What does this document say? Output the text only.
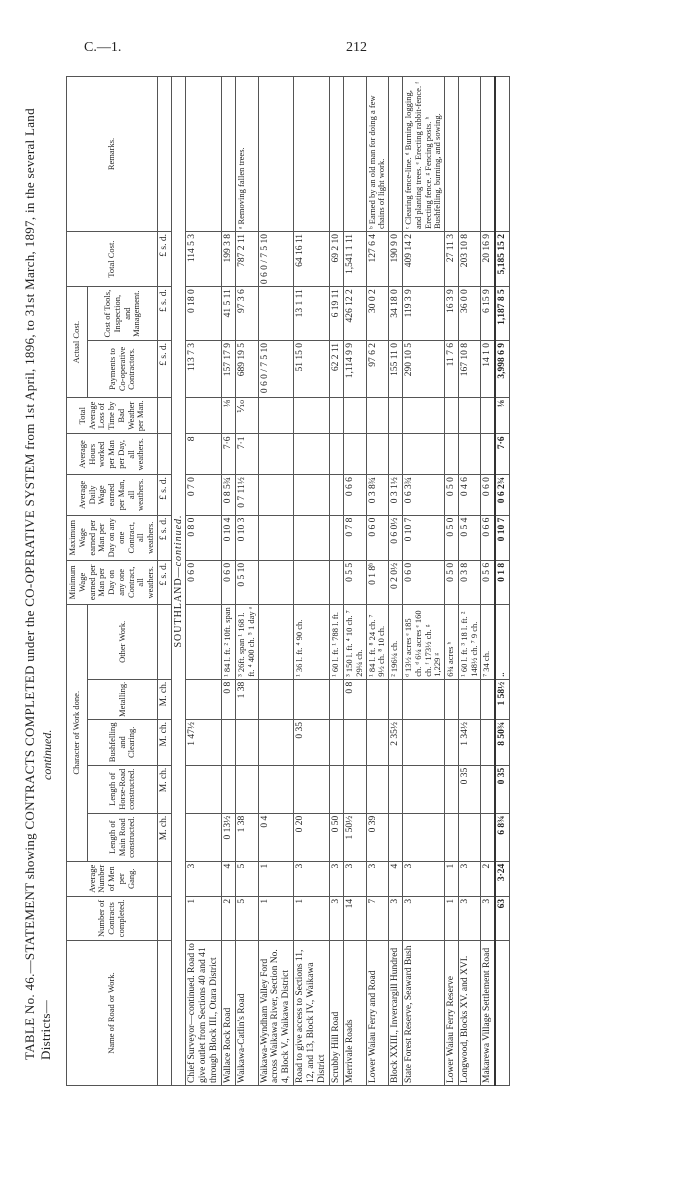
C.—1.	212
TABLE No. 46.—STATEMENT showing CONTRACTS COMPLETED under the CO-OPERATIVE SYSTEM from 1st April, 1896, to 31st March, 1897, in the several Land Districts—
continued.
Name of Road or Work.	Number of Contracts completed.	Average Number of Men per Gang.	Character of Work done.					Minimum Wage earned per Man per Day on any one Contract, all weathers.	Maximum Wage earned per Man per Day on any one Contract, all weathers.	Average Daily Wage earned per Man, all weathers.	Average Hours worked per Man per Day, all weathers.	Total Average Loss of Time by Bad Weather per Man.	Actual Cost.		Total Cost.	Remarks.
			Length of Main Road constructed.	Length of Horse-Road constructed.	Bushfelling and Clearing.	Metalling.	Other Work.						Payments to Co-operative Contractors.	Cost of Tools, Inspection, and Management.		
			M. ch.	M. ch.	M. ch.	M. ch.		£ s. d.	£ s. d.	£ s. d.			£ s. d.	£ s. d.	£ s. d.	
SOUTHLAND—continued.																
Chief Surveyor—continued. Road to give outlet from Sections 40 and 41 through Block III., Otara District	1	3			1 47½			0 6 0	0 8 0	0 7 0	8		113 7 3	0 18 0	114 5 3	
Wallace Rock Road	2	4	0 13½			0 8	¹ 84 l. ft. ² 10ft. span	0 6 0	0 10 4	0 8 5¾	7·6	⅛	157 17 9	41 5 11	199 3 8	
Waikawa-Catlin's Road	5	5	1 38			1 38	³ 26ft. span ¹ 168 l. ft. ⁴ 400 ch. ⁵ 1 day ᵃ	0 5 10	0 10 3	0 7 11½	7·1	⅒	689 19 5	97 3 6	787 2 11	ᵃ Removing fallen trees.
Waikawa-Wyndham Valley Ford across Waikawa River, Section No. 4, Block V., Waikawa District	1	1	0 4										0 6 0 / 7 5 10		0 6 0 / 7 5 10	
Road to give access to Sections 11, 12, and 13, Block IV., Waikawa District	1	3	0 20		0 35		¹ 36 l. ft. ⁴ 90 ch.						51 15 0	13 1 11	64 16 11	
Scrubby Hill Road	3	3	0 50				¹ 60 l. ft. ¹ 788 l. ft.						62 2 11	6 19 11	69 2 10	
Merrivale Roads	14	3	1 50½			0 8	³ 150 l. ft. ⁴ 10 ch. ⁷ 29¼ ch.	0 5 5	0 7 8	0 6 6			1,114 9 9	426 12 2	1,541 1 11	
Lower Waiau Ferry and Road	7	3	0 39				¹ 84 l. ft. ⁸ 24 ch. ⁷ 9½ ch. ⁸ 10 ch.	0 1 8ᵇ	0 6 0	0 3 8¾			97 6 2	30 0 2	127 6 4	ᵇ Earned by an old man for doing a few chains of light work.
Block XXIII., Invercargill Hundred	3	4			2 35½		² 196¼ ch.	0 2 0½	0 6 0½	0 3 1½			155 11 0	34 18 0	190 9 0	
State Forest Reserve, Seaward Bush	3	3					ᵈ 13½ acres ᵉ 185 ch. ᵈ 6¼ acres ᵉ 160 ch. ᶠ 173½ ch. ᵍ 1,229 ᵍ	0 6 0	0 10 7	0 6 3¾			290 10 5	119 3 9	409 14 2	ᶜ Clearing fence-line. ᵈ Burning, logging, and planting trees. ᵉ Erecting rabbit-fence. ᶠ Erecting fence. ᵍ Fencing posts. ʰ Bushfelling, burning, and sowing.
Lower Waiau Ferry Reserve	1	1					6¾ acres ʰ	0 5 0	0 5 0	0 5 0			11 7 6	16 3 9	27 11 3	
Longwood, Blocks XV. and XVI.	3	3		0 35	1 34½		¹ 60 l. ft. ³ 18 l. ft. ² 148½ ch. ⁷ 9 ch.	0 3 8	0 5 4	0 4 6			167 10 8	36 0 0	203 10 8	
Makarewa Village Settlement Road	3	2					⁷ 34 ch.	0 5 6	0 6 6	0 6 0			14 1 0	6 15 9	20 16 9	
	63	3·24	6 8¾	0 35	8 50¾	1 58½	..	0 1 8	0 10 7	0 6 2¾	7·6	⅛	3,998 6 9	1,187 8 5	5,185 15 2	
